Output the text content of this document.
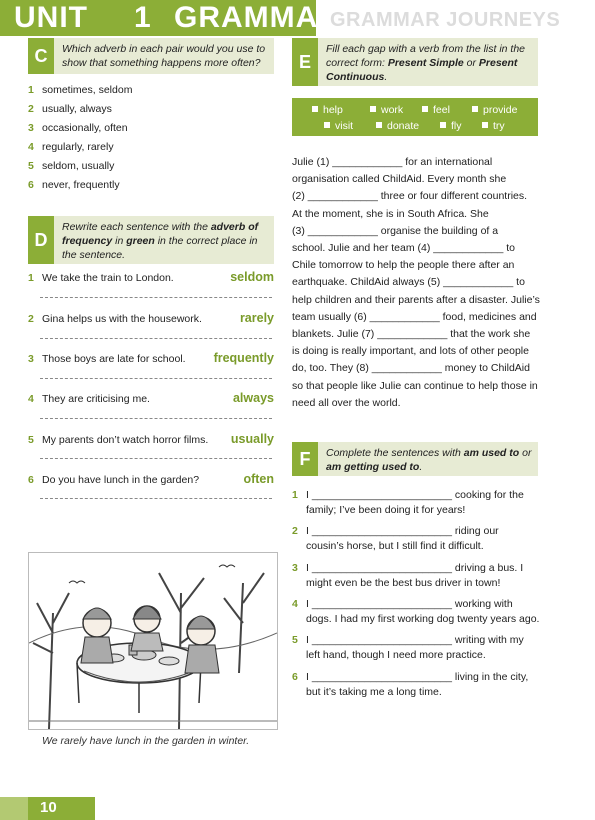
UNIT 1 GRAMMAR
GRAMMAR JOURNEYS
C	Which adverb in each pair would you use to show that something happens more often?
1 sometimes, seldom
2 usually, always
3 occasionally, often
4 regularly, rarely
5 seldom, usually
6 never, frequently
D
Rewrite each sentence with the adverb of frequency in green in the correct place in the sentence.
1 We take the train to London.	seldom
2 Gina helps us with the housework.	rarely
3 Those boys are late for school. frequently
4 They are criticising me.	always
5 My parents don’t watch horror films. usually
6 Do you have lunch in the garden?	often
We rarely have lunch in the garden in winter.
E
Fill each gap with a verb from the list in the correct form: Present Simple or Present Continuous.
help	work	feel	provide
visit	donate	fly	try
Julie (1) ____________ for an international
organisation called ChildAid. Every month she
(2) ____________ three or four different countries.
At the moment, she is in South Africa. She
(3) ____________ organise the building of a
school. Julie and her team (4) ____________ to
Chile tomorrow to help the people there after an
earthquake. ChildAid always (5) ____________ to
help children and their parents after a disaster. Julie’s
team usually (6) ____________ food, medicines and
blankets. Julie (7) ____________ that the work she
is doing is really important, and lots of other people
do, too. They (8) ____________ money to ChildAid
so that people like Julie can continue to help those in
need all over the world.
F	Complete the sentences with am used to or am getting used to.
1 I ________________________ cooking for the
family; I’ve been doing it for years!
2 I ________________________ riding our
cousin’s horse, but I still find it difficult.
3 I ________________________ driving a bus. I
might even be the best bus driver in town!
4 I ________________________ working with
dogs. I had my first working dog twenty years ago.
5 I ________________________ writing with my
left hand, though I need more practice.
6 I ________________________ living in the city,
but it’s taking me a long time.
10
